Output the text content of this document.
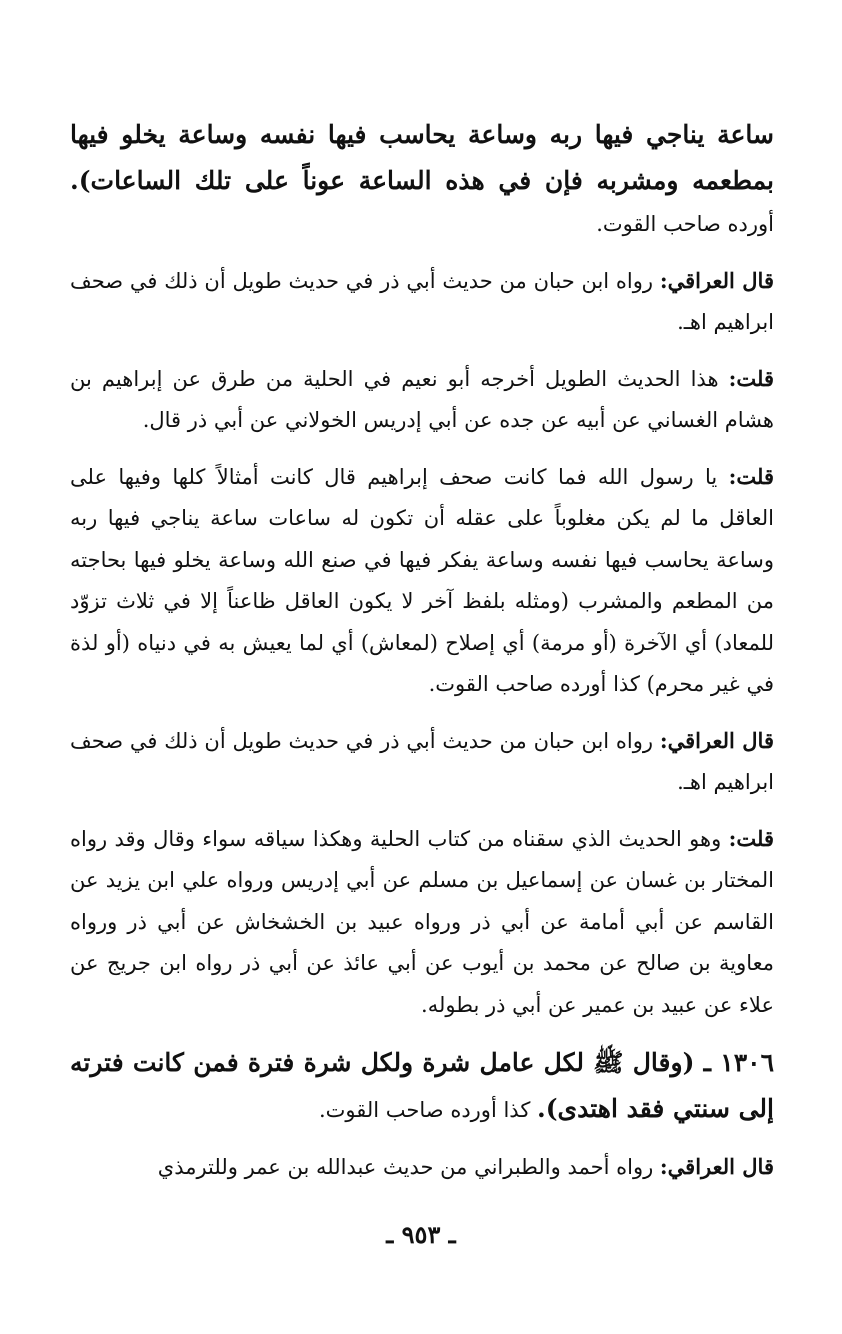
ساعة يناجي فيها ربه وساعة يحاسب فيها نفسه وساعة يخلو فيها بمطعمه ومشربه فإن في هذه الساعة عوناً على تلك الساعات). أورده صاحب القوت.

قال العراقي: رواه ابن حبان من حديث أبي ذر في حديث طويل أن ذلك في صحف ابراهيم اهـ.

قلت: هذا الحديث الطويل أخرجه أبو نعيم في الحلية من طرق عن إبراهيم بن هشام الغساني عن أبيه عن جده عن أبي إدريس الخولاني عن أبي ذر قال.

قلت: يا رسول الله فما كانت صحف إبراهيم قال كانت أمثالاً كلها وفيها على العاقل ما لم يكن مغلوباً على عقله أن تكون له ساعات ساعة يناجي فيها ربه وساعة يحاسب فيها نفسه وساعة يفكر فيها في صنع الله وساعة يخلو فيها بحاجته من المطعم والمشرب (ومثله بلفظ آخر لا يكون العاقل ظاعناً إلا في ثلاث تزوّد للمعاد) أي الآخرة (أو مرمة) أي إصلاح (لمعاش) أي لما يعيش به في دنياه (أو لذة في غير محرم) كذا أورده صاحب القوت.

قال العراقي: رواه ابن حبان من حديث أبي ذر في حديث طويل أن ذلك في صحف ابراهيم اهـ.

قلت: وهو الحديث الذي سقناه من كتاب الحلية وهكذا سياقه سواء وقال وقد رواه المختار بن غسان عن إسماعيل بن مسلم عن أبي إدريس ورواه علي ابن يزيد عن القاسم عن أبي أمامة عن أبي ذر ورواه عبيد بن الخشخاش عن أبي ذر ورواه معاوية بن صالح عن محمد بن أيوب عن أبي عائذ عن أبي ذر رواه ابن جريج عن علاء عن عبيد بن عمير عن أبي ذر بطوله.

١٣٠٦ ـ (وقال ﷺ لكل عامل شرة ولكل شرة فترة فمن كانت فترته إلى سنتي فقد اهتدى). كذا أورده صاحب القوت.

قال العراقي: رواه أحمد والطبراني من حديث عبدالله بن عمر وللترمذي

ـ ٩٥٣ ـ
